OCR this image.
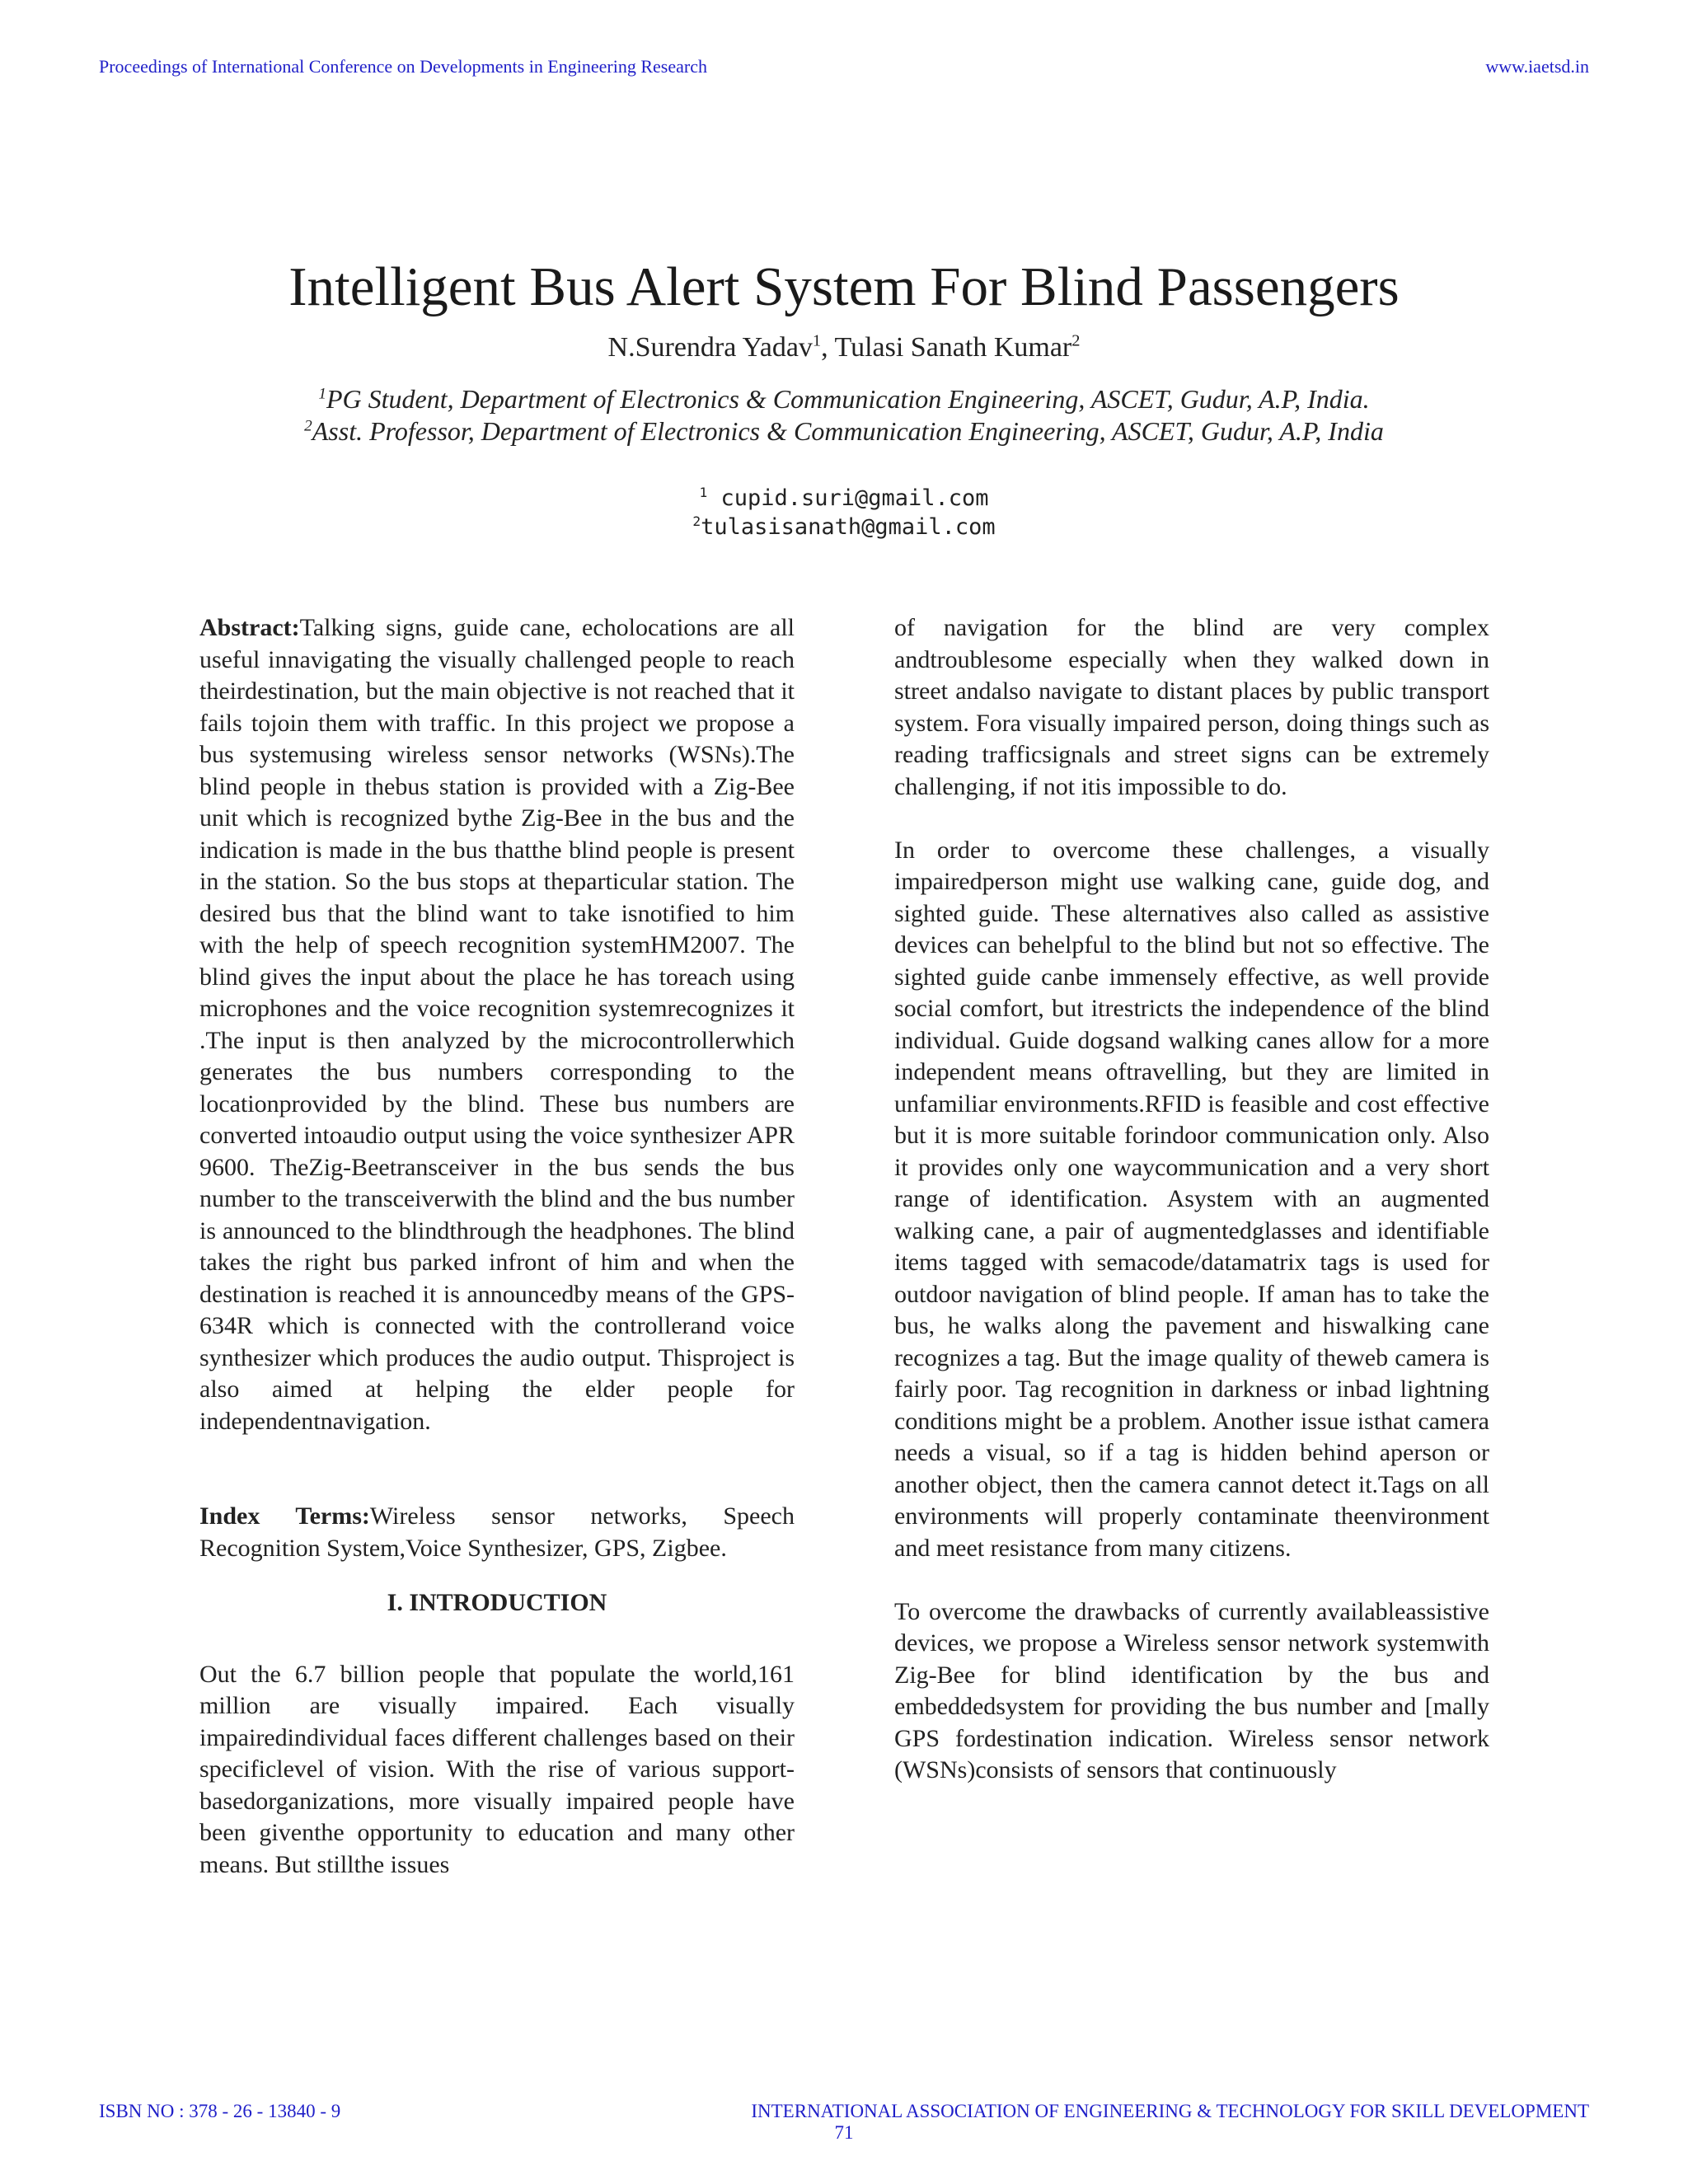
Proceedings of International Conference on Developments in Engineering Research	www.iaetsd.in
Intelligent Bus Alert System For Blind Passengers
N.Surendra Yadav$^1$, Tulasi Sanath Kumar$^2$
$^1$PG Student, Department of Electronics & Communication Engineering, ASCET, Gudur, A.P, India.
$^2$Asst. Professor, Department of Electronics & Communication Engineering, ASCET, Gudur, A.P, India
$^1$ cupid.suri@gmail.com
$^2$tulasisanath@gmail.com

Abstract:Talking signs, guide cane, echolocations are all useful innavigating the visually challenged people to reach theirdestination, but the main objective is not reached that it fails tojoin them with traffic. In this project we propose a bus systemusing wireless sensor networks (WSNs).The blind people in thebus station is provided with a Zig-Bee unit which is recognized bythe Zig-Bee in the bus and the indication is made in the bus thatthe blind people is present in the station. So the bus stops at theparticular station. The desired bus that the blind want to take isnotified to him with the help of speech recognition systemHM2007. The blind gives the input about the place he has toreach using microphones and the voice recognition systemrecognizes it .The input is then analyzed by the microcontrollerwhich generates the bus numbers corresponding to the locationprovided by the blind. These bus numbers are converted intoaudio output using the voice synthesizer APR 9600. TheZig-Beetransceiver in the bus sends the bus number to the transceiverwith the blind and the bus number is announced to the blindthrough the headphones. The blind takes the right bus parked infront of him and when the destination is reached it is announcedby means of the GPS-634R which is connected with the controllerand voice synthesizer which produces the audio output. Thisproject is also aimed at helping the elder people for independentnavigation.

Index Terms:Wireless sensor networks, Speech Recognition System,Voice Synthesizer, GPS, Zigbee.

I. INTRODUCTION

Out the 6.7 billion people that populate the world,161 million are visually impaired. Each visually impairedindividual faces different challenges based on their specificlevel of vision. With the rise of various support-basedorganizations, more visually impaired people have been giventhe opportunity to education and many other means. But stillthe issues

of navigation for the blind are very complex andtroublesome especially when they walked down in street andalso navigate to distant places by public transport system. Fora visually impaired person, doing things such as reading trafficsignals and street signs can be extremely challenging, if not itis impossible to do.

In order to overcome these challenges, a visually impairedperson might use walking cane, guide dog, and sighted guide. These alternatives also called as assistive devices can behelpful to the blind but not so effective. The sighted guide canbe immensely effective, as well provide social comfort, but itrestricts the independence of the blind individual. Guide dogsand walking canes allow for a more independent means oftravelling, but they are limited in unfamiliar environments.RFID is feasible and cost effective but it is more suitable forindoor communication only. Also it provides only one waycommunication and a very short range of identification. Asystem with an augmented walking cane, a pair of augmentedglasses and identifiable items tagged with semacode/datamatrix tags is used for outdoor navigation of blind people. If aman has to take the bus, he walks along the pavement and hiswalking cane recognizes a tag. But the image quality of theweb camera is fairly poor. Tag recognition in darkness or inbad lightning conditions might be a problem. Another issue isthat camera needs a visual, so if a tag is hidden behind aperson or another object, then the camera cannot detect it.Tags on all environments will properly contaminate theenvironment and meet resistance from many citizens.

To overcome the drawbacks of currently availableassistive devices, we propose a Wireless sensor network systemwith Zig-Bee for blind identification by the bus and embeddedsystem for providing the bus number and [mally GPS fordestination indication. Wireless sensor network (WSNs)consists of sensors that continuously

ISBN NO : 378 - 26 - 13840 - 9	INTERNATIONAL ASSOCIATION OF ENGINEERING & TECHNOLOGY FOR SKILL DEVELOPMENT
71
